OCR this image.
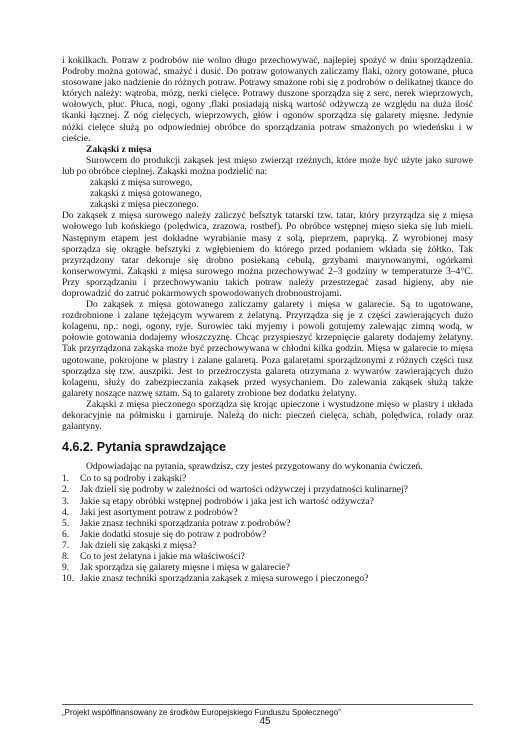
i kokilkach. Potraw z podrobów nie wolno długo przechowywać, najlepiej spożyć w dniu sporządzenia. Podroby można gotować, smażyć i dusić. Do potraw gotowanych zaliczamy flaki, ozory gotowane, płuca stosowane jako nadzienie do różnych potraw. Potrawy smażone robi się z podrobów o delikatnej tkance do których należy: wątroba, mózg, nerki cielęce. Potrawy duszone sporządza się z serc, nerek wieprzowych, wołowych, płuc. Płuca, nogi, ogony ,flaki posiadają niską wartość odżywczą ze względu na duża ilość tkanki łącznej. Z nóg cielęcych, wieprzowych, głów i ogonów sporządza się galarety mięsne. Jedynie nóżki cielęce służą po odpowiedniej obróbce do sporządzania potraw smażonych po wiedeńsku i w cieście.

Zakąski z mięsa

Surowcem do produkcji zakąsek jest mięso zwierząt rzeźnych, które może być użyte jako surowe lub po obróbce cieplnej. Zakąski można podzielić na:

zakąski z mięsa surowego,

zakąski z mięsa gotowanego,

zakąski z mięsa pieczonego.

Do zakąsek z mięsa surowego należy zaliczyć befsztyk tatarski tzw. tatar, który przyrządza się z mięsa wołowego lub końskiego (polędwica, zrazowa, rostbef). Po obróbce wstępnej mięso sieka się lub mieli. Następnym etapem jest dokładne wyrabianie masy z solą, pieprzem, papryką. Z wyrobionej masy sporządza się okrągłe befsztyki z wgłębieniem do którego przed podaniem wkłada się żółtko. Tak przyrządzony tatar dekoruje się drobno posiekaną cebulą, grzybami marynowanymi, ogórkami konserwowymi. Zakąski z mięsa surowego można przechowywać 2–3 godziny w temperaturze 3–4°C. Przy sporządzaniu i przechowywaniu takich potraw należy przestrzegać zasad higieny, aby nie doprowadzić do zatruć pokarmowych spowodowanych drobnoustrojami.

Do zakąsek z mięsa gotowanego zaliczamy galarety i mięsa w galarecie. Są to ugotowane, rozdrobnione i zalane tężejącym wywarem z żelatyną. Przyrządza się je z części zawierających dużo kolagenu, np.: nogi, ogony, ryje. Surowiec taki myjemy i powoli gotujemy zalewając zimną wodą, w połowie gotowania dodajemy włoszczyznę. Chcąc przyspieszyć krzepnięcie galarety dodajemy żelatyny. Tak przyrządzona zakąska może być przechowywana w chłodni kilka godzin. Mięsa w galarecie to mięsa ugotowane, pokrojone w plastry i zalane galaretą. Poza galaretami sporządzonymi z różnych części tusz sporządza się tzw. auszpiki. Jest to przeźroczysta galareta otrzymana z wywarów zawierających dużo kolagenu, służy do zabezpieczania zakąsek przed wysychaniem. Do zalewania zakąsek służą także galarety noszące nazwę sztam. Są to galarety zrobione bez dodatku żelatyny.

Zakąski z mięsa pieczonego sporządza się krojąc upieczone i wystudzone mięso w plastry i układa dekoracyjnie na półmisku i garniruje. Należą do nich: pieczeń cielęca, schab, polędwica, rolady oraz galantyny.

4.6.2. Pytania sprawdzające

Odpowiadając na pytania, sprawdzisz, czy jesteś przygotowany do wykonania ćwiczeń.

1.	Co to są podroby i zakąski?
2.	Jak dzieli się podroby w zależności od wartości odżywczej i przydatności kulinarnej?
3.	Jakie są etapy obróbki wstępnej podrobów i jaka jest ich wartość odżywcza?
4.	Jaki jest asortyment potraw z podrobów?
5.	Jakie znasz techniki sporządzania potraw z podrobów?
6.	Jakie dodatki stosuje się do potraw z podrobów?
7.	Jak dzieli się zakąski z mięsa?
8.	Co to jest żelatyna i jakie ma właściwości?
9.	Jak sporządza się galarety mięsne i mięsa w galarecie?
10. Jakie znasz techniki sporządzania zakąsek z mięsa surowego i pieczonego?
„Projekt współfinansowany ze środków Europejskiego Funduszu Społecznego”
45
